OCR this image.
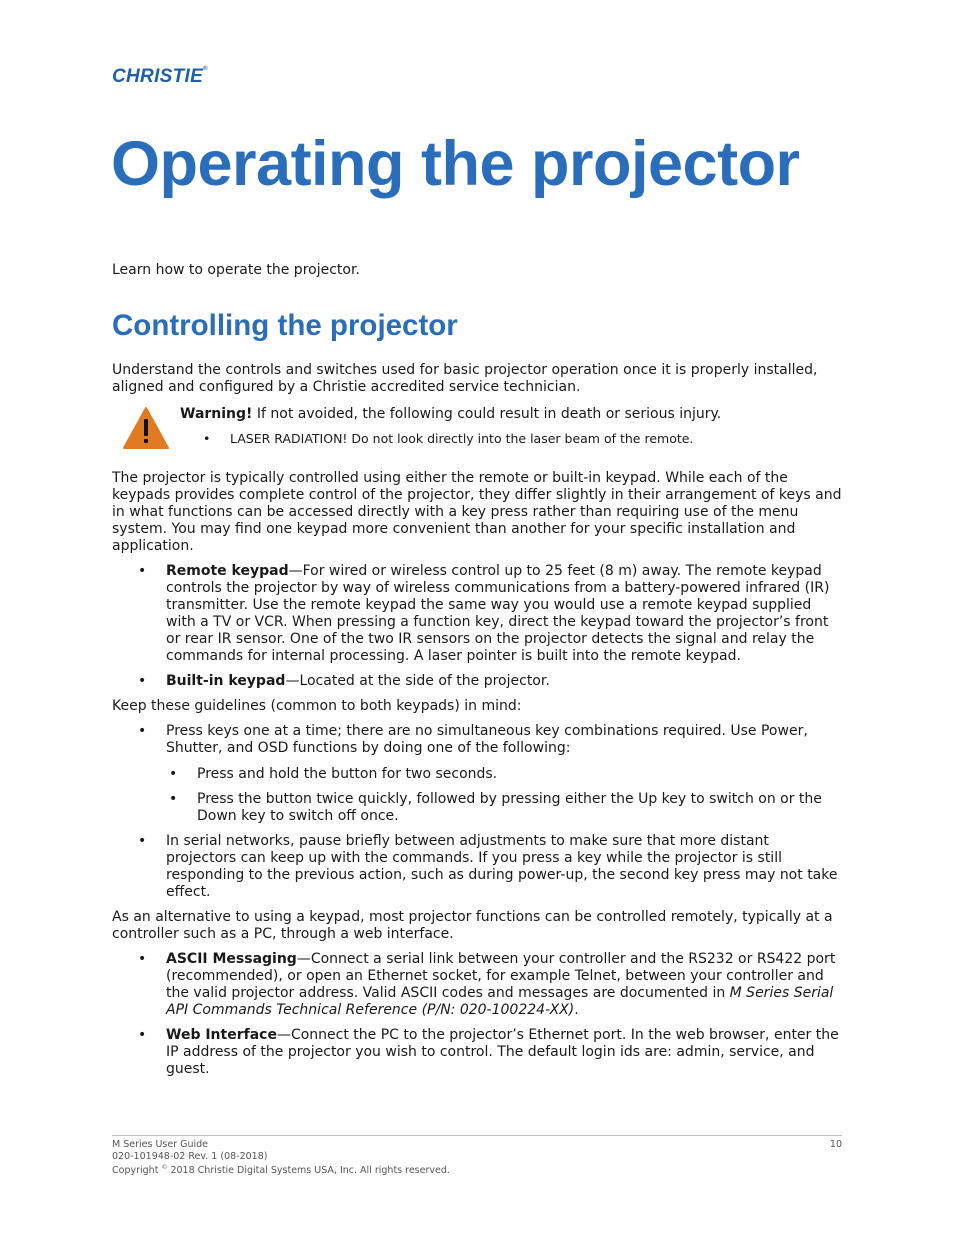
CHRISTIE®
Operating the projector

Learn how to operate the projector.

Controlling the projector

Understand the controls and switches used for basic projector operation once it is properly installed, aligned and configured by a Christie accredited service technician.

Warning! If not avoided, the following could result in death or serious injury.

• LASER RADIATION! Do not look directly into the laser beam of the remote.

The projector is typically controlled using either the remote or built-in keypad. While each of the keypads provides complete control of the projector, they differ slightly in their arrangement of keys and in what functions can be accessed directly with a key press rather than requiring use of the menu system. You may find one keypad more convenient than another for your specific installation and application.

• Remote keypad—For wired or wireless control up to 25 feet (8 m) away. The remote keypad controls the projector by way of wireless communications from a battery-powered infrared (IR) transmitter. Use the remote keypad the same way you would use a remote keypad supplied with a TV or VCR. When pressing a function key, direct the keypad toward the projector’s front or rear IR sensor. One of the two IR sensors on the projector detects the signal and relay the commands for internal processing. A laser pointer is built into the remote keypad.
• Built-in keypad—Located at the side of the projector.

Keep these guidelines (common to both keypads) in mind:

• Press keys one at a time; there are no simultaneous key combinations required. Use Power, Shutter, and OSD functions by doing one of the following:
• Press and hold the button for two seconds.
• Press the button twice quickly, followed by pressing either the Up key to switch on or the Down key to switch off once.
• In serial networks, pause briefly between adjustments to make sure that more distant projectors can keep up with the commands. If you press a key while the projector is still responding to the previous action, such as during power-up, the second key press may not take effect.

As an alternative to using a keypad, most projector functions can be controlled remotely, typically at a controller such as a PC, through a web interface.

• ASCII Messaging—Connect a serial link between your controller and the RS232 or RS422 port (recommended), or open an Ethernet socket, for example Telnet, between your controller and the valid projector address. Valid ASCII codes and messages are documented in M Series Serial API Commands Technical Reference (P/N: 020-100224-XX).
• Web Interface—Connect the PC to the projector’s Ethernet port. In the web browser, enter the IP address of the projector you wish to control. The default login ids are: admin, service, and guest.
M Series User Guide
020-101948-02 Rev. 1 (08-2018)
Copyright © 2018 Christie Digital Systems USA, Inc. All rights reserved.
10
